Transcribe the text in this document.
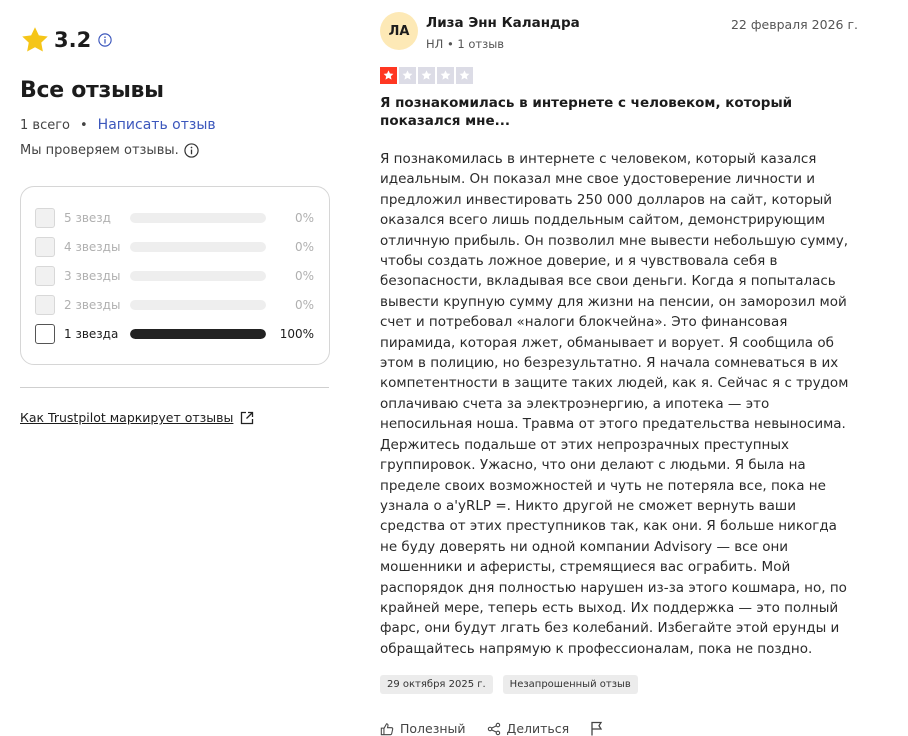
3.2
Все отзывы
1 всего • Написать отзыв
Мы проверяем отзывы.
5 звезд	0%
4 звезды	0%
3 звезды	0%
2 звезды	0%
1 звезда	100%
Как Trustpilot маркирует отзывы
ЛА	Лиза Энн Каландра
НЛ • 1 отзыв
22 февраля 2026 г.
Я познакомилась в интернете с человеком, который показался мне...
Я познакомилась в интернете с человеком, который казался идеальным. Он показал мне свое удостоверение личности и предложил инвестировать 250 000 долларов на сайт, который оказался всего лишь поддельным сайтом, демонстрирующим отличную прибыль. Он позволил мне вывести небольшую сумму, чтобы создать ложное доверие, и я чувствовала себя в безопасности, вкладывая все свои деньги. Когда я попыталась вывести крупную сумму для жизни на пенсии, он заморозил мой счет и потребовал «налоги блокчейна». Это финансовая пирамида, которая лжет, обманывает и ворует. Я сообщила об этом в полицию, но безрезультатно. Я начала сомневаться в их компетентности в защите таких людей, как я. Сейчас я с трудом оплачиваю счета за электроэнергию, а ипотека — это непосильная ноша. Травма от этого предательства невыносима. Держитесь подальше от этих непрозрачных преступных группировок. Ужасно, что они делают с людьми. Я была на пределе своих возможностей и чуть не потеряла все, пока не узнала о a'yRLP =. Никто другой не сможет вернуть ваши средства от этих преступников так, как они. Я больше никогда не буду доверять ни одной компании Advisory — все они мошенники и аферисты, стремящиеся вас ограбить. Мой распорядок дня полностью нарушен из-за этого кошмара, но, по крайней мере, теперь есть выход. Их поддержка — это полный фарс, они будут лгать без колебаний. Избегайте этой ерунды и обращайтесь напрямую к профессионалам, пока не поздно.
29 октября 2025 г.	Незапрошенный отзыв
Полезный	Делиться
